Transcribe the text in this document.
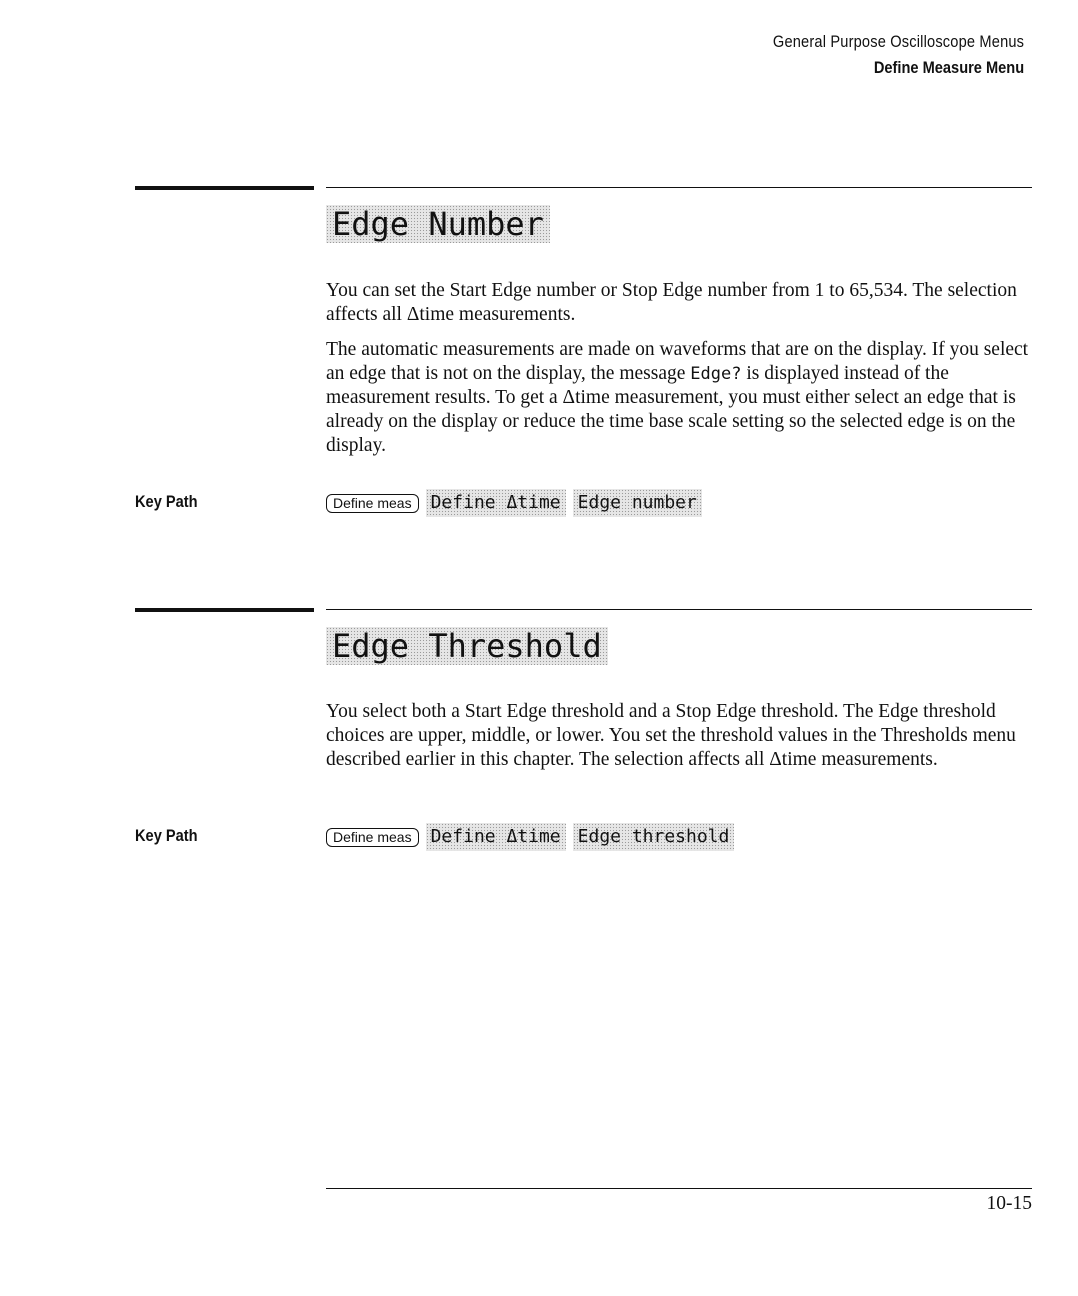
General Purpose Oscilloscope Menus
Define Measure Menu
Edge Number

You can set the Start Edge number or Stop Edge number from 1 to 65,534. The selection affects all Δtime measurements.

The automatic measurements are made on waveforms that are on the display. If you select an edge that is not on the display, the message Edge? is displayed instead of the measurement results. To get a Δtime measurement, you must either select an edge that is already on the display or reduce the time base scale setting so the selected edge is on the display.

Key Path	Define meas	Define Δtime Edge number
Edge Threshold

You select both a Start Edge threshold and a Stop Edge threshold. The Edge threshold choices are upper, middle, or lower. You set the threshold values in the Thresholds menu described earlier in this chapter. The selection affects all Δtime measurements.

Key Path	Define meas	Define Δtime Edge threshold
10-15
